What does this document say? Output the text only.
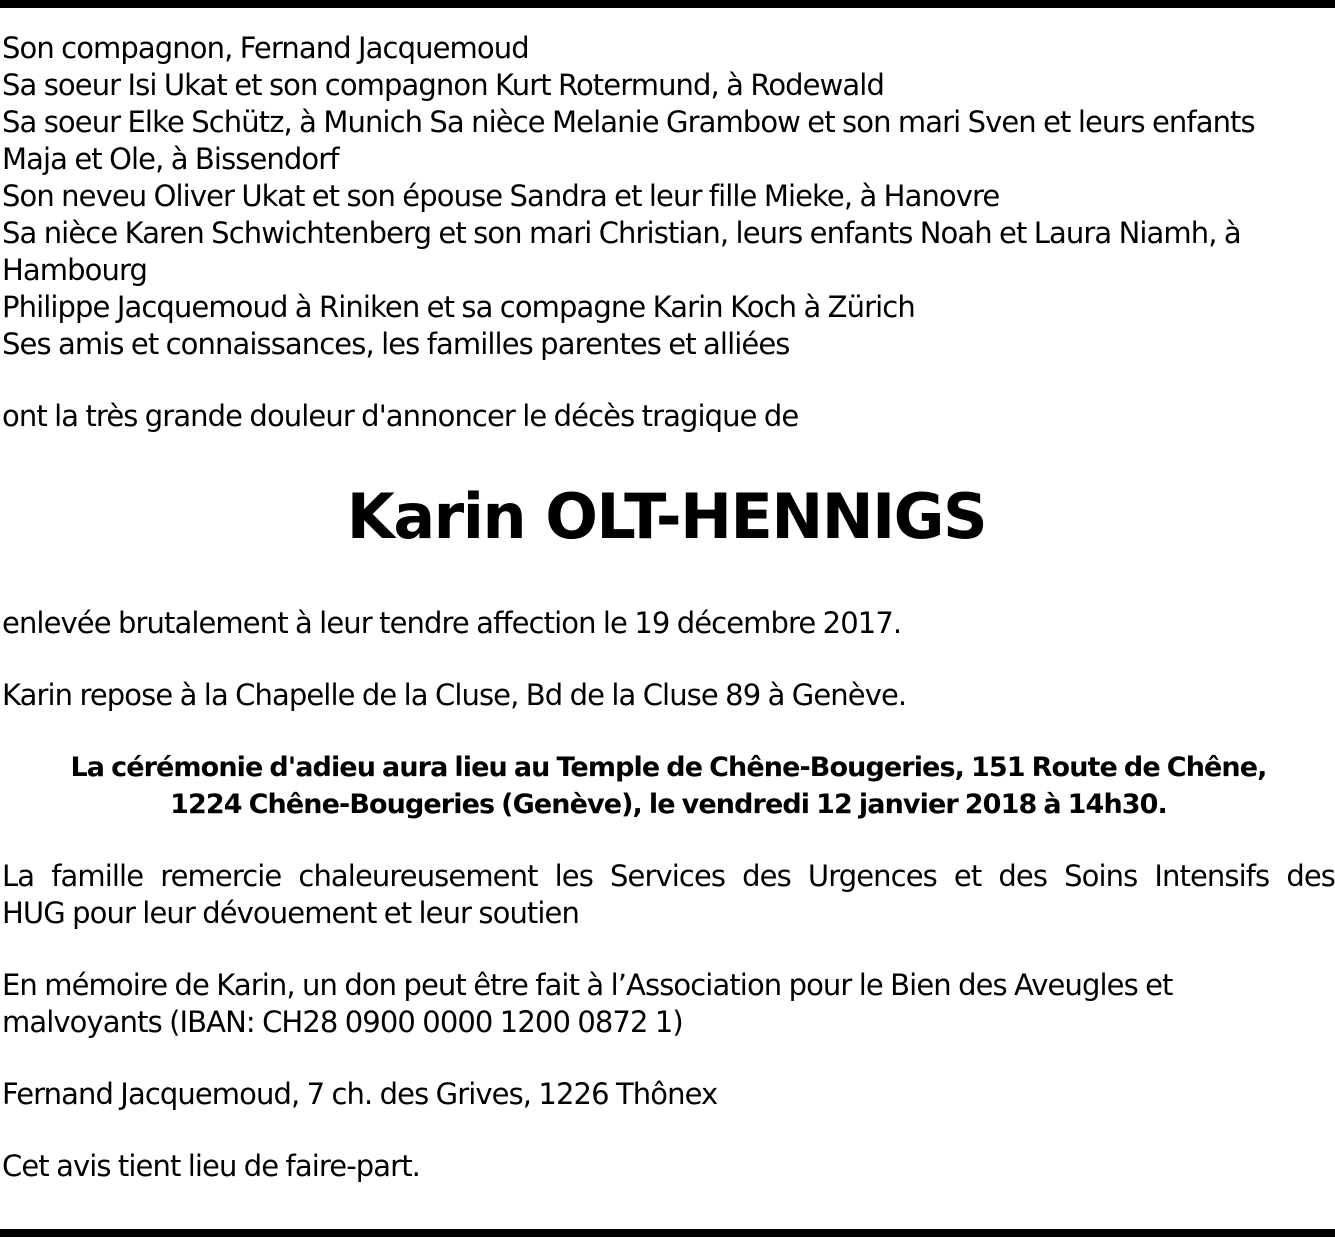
Son compagnon, Fernand Jacquemoud
Sa soeur Isi Ukat et son compagnon Kurt Rotermund, à Rodewald
Sa soeur Elke Schütz, à Munich Sa nièce Melanie Grambow et son mari Sven et leurs enfants
Maja et Ole, à Bissendorf
Son neveu Oliver Ukat et son épouse Sandra et leur fille Mieke, à Hanovre
Sa nièce Karen Schwichtenberg et son mari Christian, leurs enfants Noah et Laura Niamh, à
Hambourg
Philippe Jacquemoud à Riniken et sa compagne Karin Koch à Zürich
Ses amis et connaissances, les familles parentes et alliées
ont la très grande douleur d'annoncer le décès tragique de
Karin OLT-HENNIGS
enlevée brutalement à leur tendre affection le 19 décembre 2017.
Karin repose à la Chapelle de la Cluse, Bd de la Cluse 89 à Genève.
La cérémonie d'adieu aura lieu au Temple de Chêne-Bougeries, 151 Route de Chêne,
1224 Chêne-Bougeries (Genève), le vendredi 12 janvier 2018 à 14h30.
La famille remercie chaleureusement les Services des Urgences et des Soins Intensifs des
HUG pour leur dévouement et leur soutien
En mémoire de Karin, un don peut être fait à l’Association pour le Bien des Aveugles et
malvoyants (IBAN: CH28 0900 0000 1200 0872 1)
Fernand Jacquemoud, 7 ch. des Grives, 1226 Thônex
Cet avis tient lieu de faire-part.
